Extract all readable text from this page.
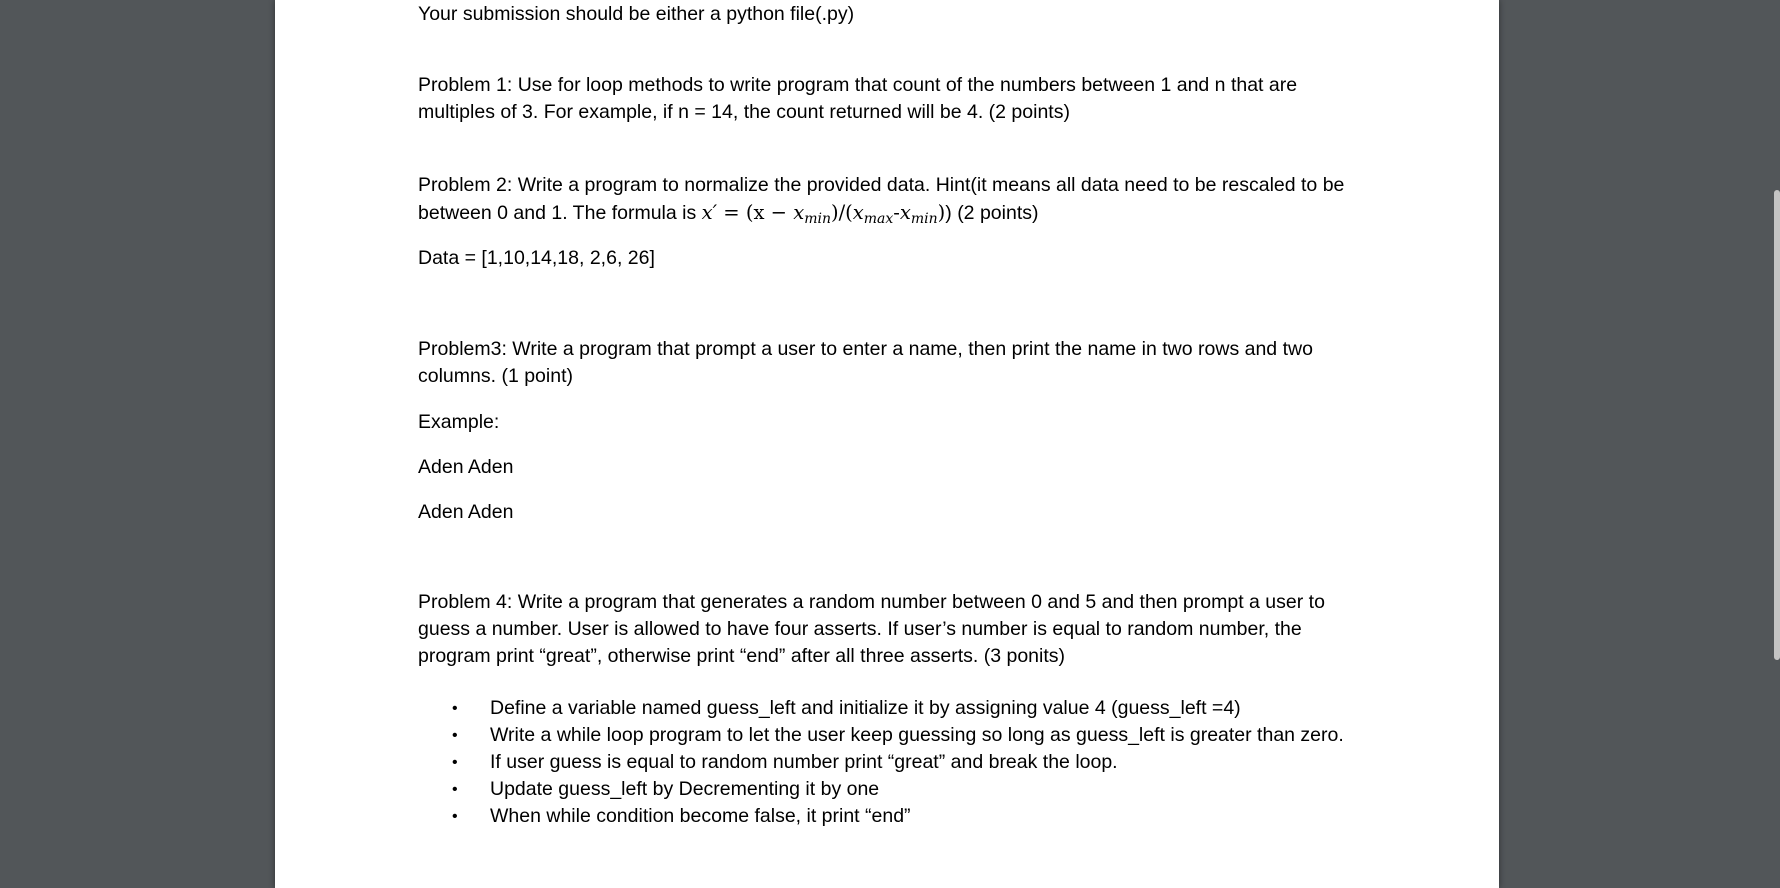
Your submission should be either a python file(.py)

Problem 1: Use for loop methods to write program that count of the numbers between 1 and n that are multiples of 3. For example, if n = 14, the count returned will be 4. (2 points)

Problem 2: Write a program to normalize the provided data. Hint(it means all data need to be rescaled to be between 0 and 1. The formula is $x' = (x - x_{min})/(x_{max}-x_{min})$) (2 points)

Data = [1,10,14,18, 2,6, 26]

Problem3: Write a program that prompt a user to enter a name, then print the name in two rows and two columns. (1 point)

Example:

Aden Aden

Aden Aden

Problem 4: Write a program that generates a random number between 0 and 5 and then prompt a user to guess a number. User is allowed to have four asserts. If user’s number is equal to random number, the program print “great”, otherwise print “end” after all three asserts. (3 ponits)

• Define a variable named guess_left and initialize it by assigning value 4 (guess_left =4)
• Write a while loop program to let the user keep guessing so long as guess_left is greater than zero.
• If user guess is equal to random number print “great” and break the loop.
• Update guess_left by Decrementing it by one
• When while condition become false, it print “end”
